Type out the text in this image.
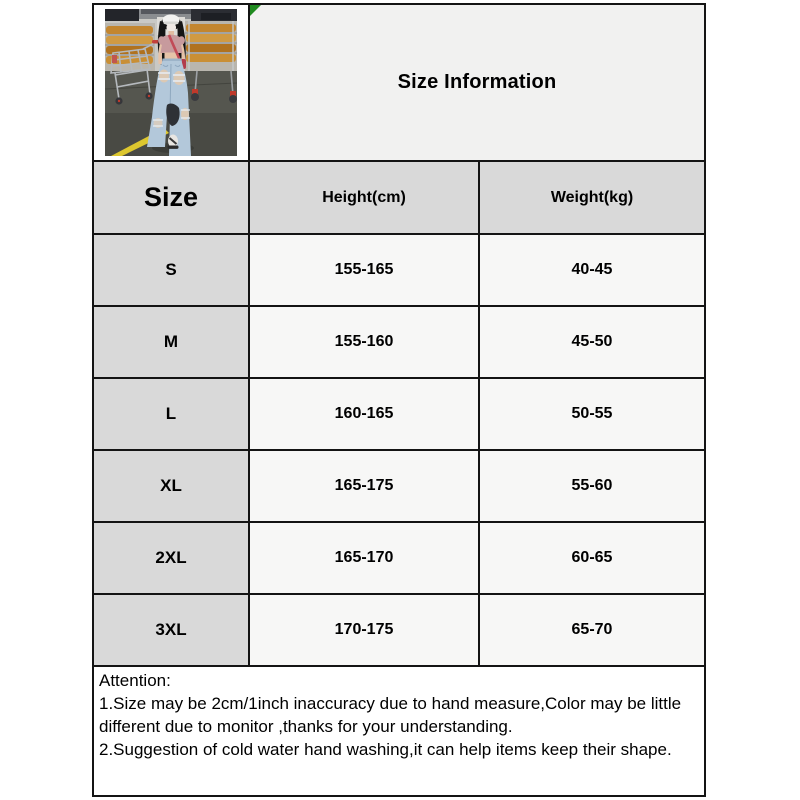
Size Information
Size	Height(cm)	Weight(kg)
S	155-165	40-45
M	155-160	45-50
L	160-165	50-55
XL	165-175	55-60
2XL	165-170	60-65
3XL	170-175	65-70

Attention:

1.Size may be 2cm/1inch inaccuracy due to hand measure,Color may be little different due to monitor ,thanks for your understanding.

2.Suggestion of cold water hand washing,it can help items keep their shape.
